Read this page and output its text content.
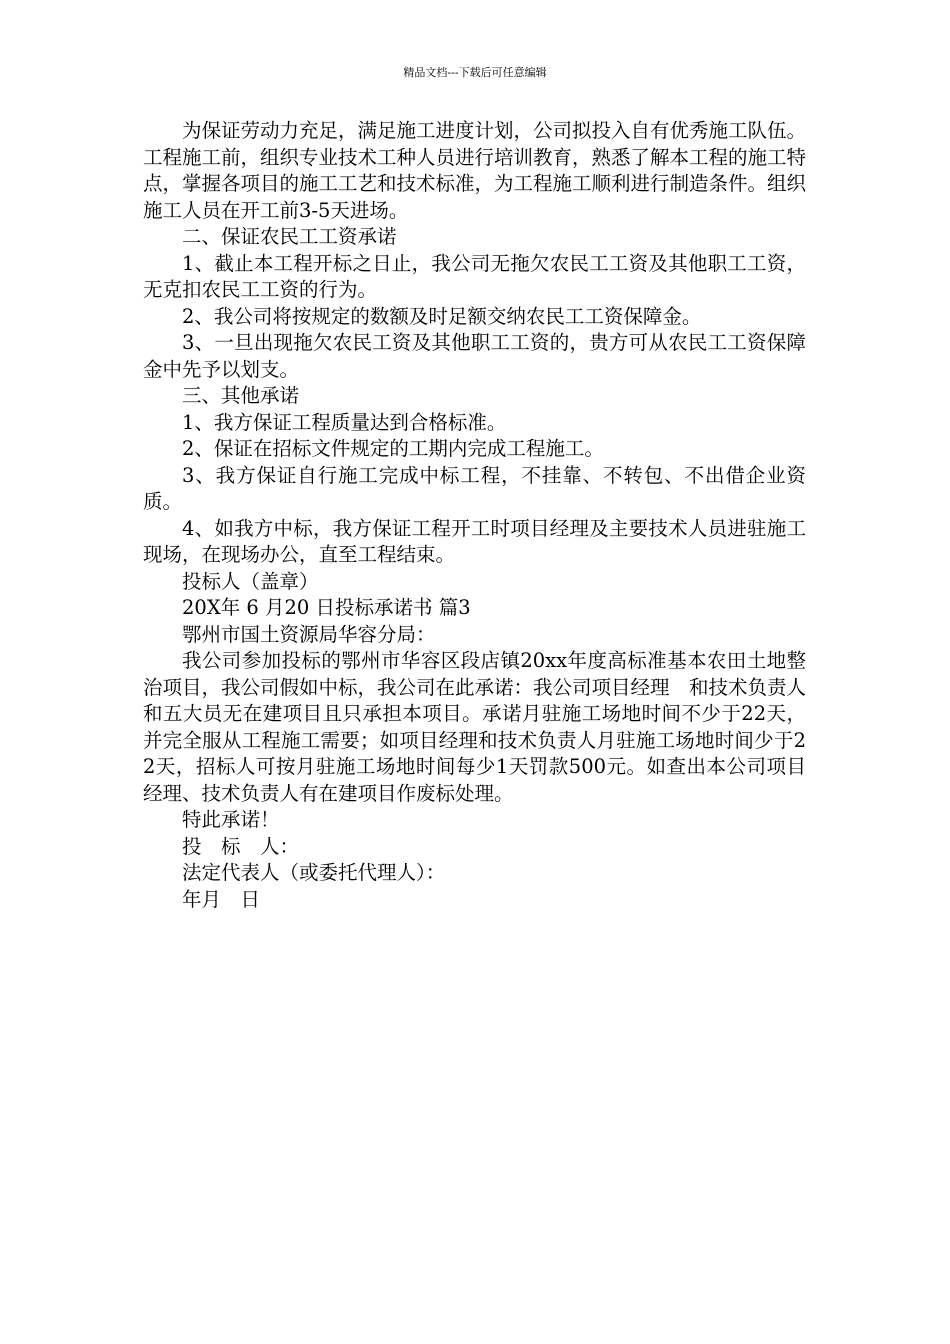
精品文档---下载后可任意编辑

为保证劳动力充足，满足施工进度计划，公司拟投入自有优秀施工队伍。工程施工前，组织专业技术工种人员进行培训教育，熟悉了解本工程的施工特点，掌握各项目的施工工艺和技术标准，为工程施工顺利进行制造条件。组织施工人员在开工前3-5天进场。

二、保证农民工工资承诺

1、截止本工程开标之日止，我公司无拖欠农民工工资及其他职工工资，无克扣农民工工资的行为。

2、我公司将按规定的数额及时足额交纳农民工工资保障金。

3、一旦出现拖欠农民工资及其他职工工资的，贵方可从农民工工资保障金中先予以划支。

三、其他承诺

1、我方保证工程质量达到合格标准。

2、保证在招标文件规定的工期内完成工程施工。

3、我方保证自行施工完成中标工程，不挂靠、不转包、不出借企业资质。

4、如我方中标，我方保证工程开工时项目经理及主要技术人员进驻施工现场，在现场办公，直至工程结束。

投标人（盖章）

20X年 6 月20 日投标承诺书 篇3

鄂州市国土资源局华容分局：

我公司参加投标的鄂州市华容区段店镇20xx年度高标准基本农田土地整治项目，我公司假如中标，我公司在此承诺：我公司项目经理　和技术负责人 和五大员无在建项目且只承担本项目。承诺月驻施工场地时间不少于22天，并完全服从工程施工需要；如项目经理和技术负责人月驻施工场地时间少于22天，招标人可按月驻施工场地时间每少1天罚款500元。如查出本公司项目经理、技术负责人有在建项目作废标处理。

特此承诺！

投　标　人：

法定代表人（或委托代理人）：

年月　日
